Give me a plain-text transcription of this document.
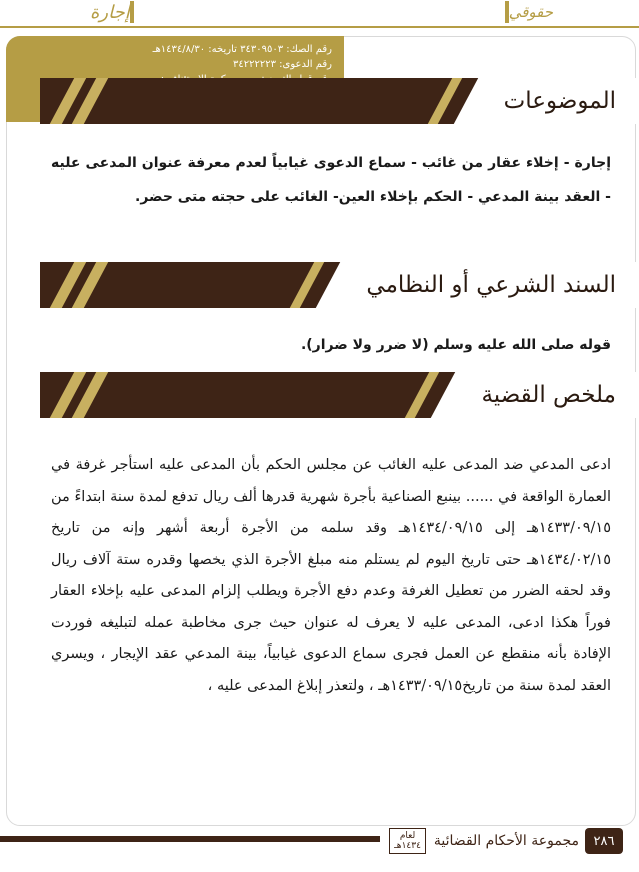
إجارة	حقوقي
رقم الصك: ٣٤٣٠٩٥٠٣ تاريخه: ١٤٣٤/٨/٣٠هـ
رقم الدعوى: ٣٤٢٢٢٢٢٣
الموضوعات
إجارة - إخلاء عقار من غائب - سماع الدعوى غيابياً لعدم معرفة عنوان المدعى عليه - العقد بينة المدعي - الحكم بإخلاء العين- الغائب على حجته متى حضر.
السند الشرعي أو النظامي
قوله صلى الله عليه وسلم (لا ضرر ولا ضرار).
ملخص القضية
ادعى المدعي ضد المدعى عليه الغائب عن مجلس الحكم بأن المدعى عليه استأجر غرفة في العمارة الواقعة في ...... بينبع الصناعية بأجرة شهرية قدرها ألف ريال تدفع لمدة سنة ابتداءً من ١٤٣٣/٠٩/١٥هـ إلى ١٤٣٤/٠٩/١٥هـ وقد سلمه من الأجرة أربعة أشهر وإنه من تاريخ ١٤٣٤/٠٢/١٥هـ حتى تاريخ اليوم لم يستلم منه مبلغ الأجرة الذي يخصها وقدره ستة آلاف ريال وقد لحقه الضرر من تعطيل الغرفة وعدم دفع الأجرة ويطلب إلزام المدعى عليه بإخلاء العقار فوراً هكذا ادعى، المدعى عليه لا يعرف له عنوان حيث جرى مخاطبة عمله لتبليغه فوردت الإفادة بأنه منقطع عن العمل فجرى سماع الدعوى غيابياً، بينة المدعي عقد الإيجار ، ويسري العقد لمدة سنة من تاريخ١٤٣٣/٠٩/١٥هـ ، ولتعذر إبلاغ المدعى عليه ،
مجموعة الأحكام القضائية
لعام
١٤٣٤هـ	٢٨٦
